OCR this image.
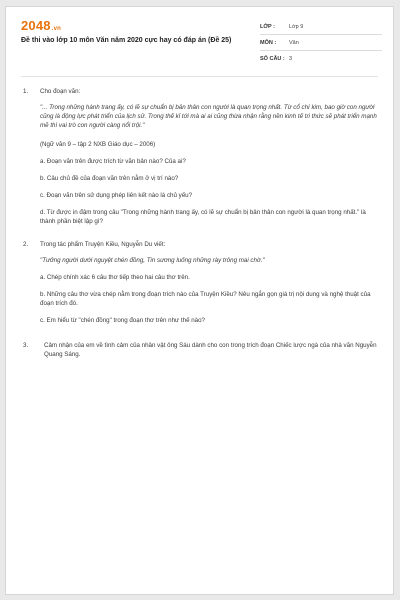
2048.vn
Đề thi vào lớp 10 môn Văn năm 2020 cực hay có đáp án (Đề 25)
LỚP :	Lớp 9
MÔN :	Văn
SỐ CÂU : 3
1.	Cho đoạn văn:

"... Trong những hành trang ấy, có lẽ sự chuẩn bị bản thân con người là quan trọng nhất. Từ cổ chí kim, bao giờ con người cũng là động lực phát triển của lịch sử. Trong thế kỉ tới mà ai ai cũng thừa nhận rằng nền kinh tế tri thức sẽ phát triển mạnh mẽ thì vai trò con người càng nổi trội."

(Ngữ văn 9 – tập 2 NXB Giáo dục – 2006)

a. Đoạn văn trên được trích từ văn bản nào? Của ai?

b. Câu chủ đề của đoạn văn trên nằm ở vị trí nào?

c. Đoạn văn trên sử dụng phép liên kết nào là chủ yếu?

d. Từ được in đậm trong câu "Trong những hành trang ấy, có lẽ sự chuẩn bị bản thân con người là quan trọng nhất." là thành phần biệt lập gì?

2.	Trong tác phẩm Truyện Kiều, Nguyễn Du viết:

"Tưởng người dưới nguyệt chén đồng, Tin sương luống những rày trông mai chờ."

a. Chép chính xác 6 câu thơ tiếp theo hai câu thơ trên.

b. Những câu thơ vừa chép nằm trong đoạn trích nào của Truyện Kiều? Nêu ngắn gọn giá trị nội dung và nghệ thuật của đoạn trích đó.

c. Em hiểu từ "chén đồng" trong đoạn thơ trên như thế nào?

3.	Cảm nhận của em về tình cảm của nhân vật ông Sáu dành cho con trong trích đoạn Chiếc lược ngà của nhà văn Nguyễn Quang Sáng.
